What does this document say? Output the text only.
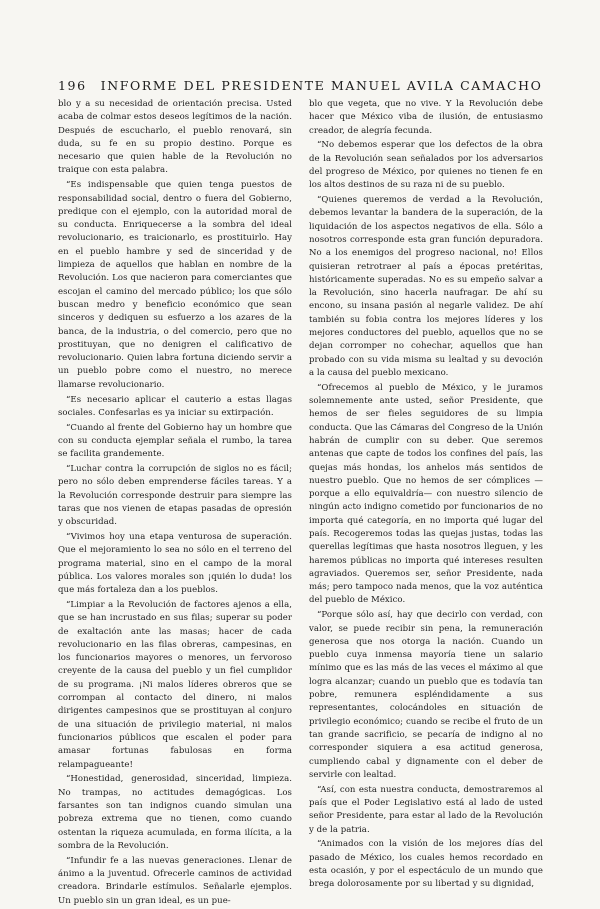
196 INFORME DEL PRESIDENTE MANUEL AVILA CAMACHO

blo y a su necesidad de orientación precisa. Usted acaba de colmar estos deseos legítimos de la nación. Después de escucharlo, el pueblo renovará, sin duda, su fe en su propio destino. Porque es necesario que quien hable de la Revolución no traique con esta palabra.

“Es indispensable que quien tenga puestos de responsabilidad social, dentro o fuera del Gobierno, predique con el ejemplo, con la autoridad moral de su conducta. Enriquecerse a la sombra del ideal revolucionario, es traicionarlo, es prostituirlo. Hay en el pueblo hambre y sed de sinceridad y de limpieza de aquellos que hablan en nombre de la Revolución. Los que nacieron para comerciantes que escojan el camino del mercado público; los que sólo buscan medro y beneficio económico que sean sinceros y dediquen su esfuerzo a los azares de la banca, de la industria, o del comercio, pero que no prostituyan, que no denigren el calificativo de revolucionario. Quien labra fortuna diciendo servir a un pueblo pobre como el nuestro, no merece llamarse revolucionario.

“Es necesario aplicar el cauterio a estas llagas sociales. Confesarlas es ya iniciar su extirpación.

“Cuando al frente del Gobierno hay un hombre que con su conducta ejemplar señala el rumbo, la tarea se facilita grandemente.

“Luchar contra la corrupción de siglos no es fácil; pero no sólo deben emprenderse fáciles tareas. Y a la Revolución corresponde destruir para siempre las taras que nos vienen de etapas pasadas de opresión y obscuridad.

“Vivimos hoy una etapa venturosa de superación. Que el mejoramiento lo sea no sólo en el terreno del programa material, sino en el campo de la moral pública. Los valores morales son ¡quién lo duda! los que más fortaleza dan a los pueblos.

“Limpiar a la Revolución de factores ajenos a ella, que se han incrustado en sus filas; superar su poder de exaltación ante las masas; hacer de cada revolucionario en las filas obreras, campesinas, en los funcionarios mayores o menores, un fervoroso creyente de la causa del pueblo y un fiel cumplidor de su programa. ¡Ni malos líderes obreros que se corrompan al contacto del dinero, ni malos dirigentes campesinos que se prostituyan al conjuro de una situación de privilegio material, ni malos funcionarios públicos que escalen el poder para amasar fortunas fabulosas en forma relampagueante!

“Honestidad, generosidad, sinceridad, limpieza. No trampas, no actitudes demagógicas. Los farsantes son tan indignos cuando simulan una pobreza extrema que no tienen, como cuando ostentan la riqueza acumulada, en forma ilícita, a la sombra de la Revolución.

“Infundir fe a las nuevas generaciones. Llenar de ánimo a la juventud. Ofrecerle caminos de actividad creadora. Brindarle estímulos. Señalarle ejemplos. Un pueblo sin un gran ideal, es un pue-

blo que vegeta, que no vive. Y la Revolución debe hacer que México viba de ilusión, de entusiasmo creador, de alegría fecunda.

“No debemos esperar que los defectos de la obra de la Revolución sean señalados por los adversarios del progreso de México, por quienes no tienen fe en los altos destinos de su raza ni de su pueblo.

“Quienes queremos de verdad a la Revolución, debemos levantar la bandera de la superación, de la liquidación de los aspectos negativos de ella. Sólo a nosotros corresponde esta gran función depuradora. No a los enemigos del progreso nacional, no! Ellos quisieran retrotraer al país a épocas pretéritas, históricamente superadas. No es su empeño salvar a la Revolución, sino hacerla naufragar. De ahí su encono, su insana pasión al negarle validez. De ahí también su fobia contra los mejores líderes y los mejores conductores del pueblo, aquellos que no se dejan corromper no cohechar, aquellos que han probado con su vida misma su lealtad y su devoción a la causa del pueblo mexicano.

“Ofrecemos al pueblo de México, y le juramos solemnemente ante usted, señor Presidente, que hemos de ser fieles seguidores de su limpia conducta. Que las Cámaras del Congreso de la Unión habrán de cumplir con su deber. Que seremos antenas que capte de todos los confines del país, las quejas más hondas, los anhelos más sentidos de nuestro pueblo. Que no hemos de ser cómplices —porque a ello equivaldría— con nuestro silencio de ningún acto indigno cometido por funcionarios de no importa qué categoría, en no importa qué lugar del país. Recogeremos todas las quejas justas, todas las querellas legítimas que hasta nosotros lleguen, y les haremos públicas no importa qué intereses resulten agraviados. Queremos ser, señor Presidente, nada más; pero tampoco nada menos, que la voz auténtica del pueblo de México.

“Porque sólo así, hay que decirlo con verdad, con valor, se puede recibir sin pena, la remuneración generosa que nos otorga la nación. Cuando un pueblo cuya inmensa mayoría tiene un salario mínimo que es las más de las veces el máximo al que logra alcanzar; cuando un pueblo que es todavía tan pobre, remunera espléndidamente a sus representantes, colocándoles en situación de privilegio económico; cuando se recibe el fruto de un tan grande sacrificio, se pecaría de indigno al no corresponder siquiera a esa actitud generosa, cumpliendo cabal y dignamente con el deber de servirle con lealtad.

“Así, con esta nuestra conducta, demostraremos al país que el Poder Legislativo está al lado de usted señor Presidente, para estar al lado de la Revolución y de la patria.

“Animados con la visión de los mejores días del pasado de México, los cuales hemos recordado en esta ocasión, y por el espectáculo de un mundo que brega dolorosamente por su libertad y su dignidad,
